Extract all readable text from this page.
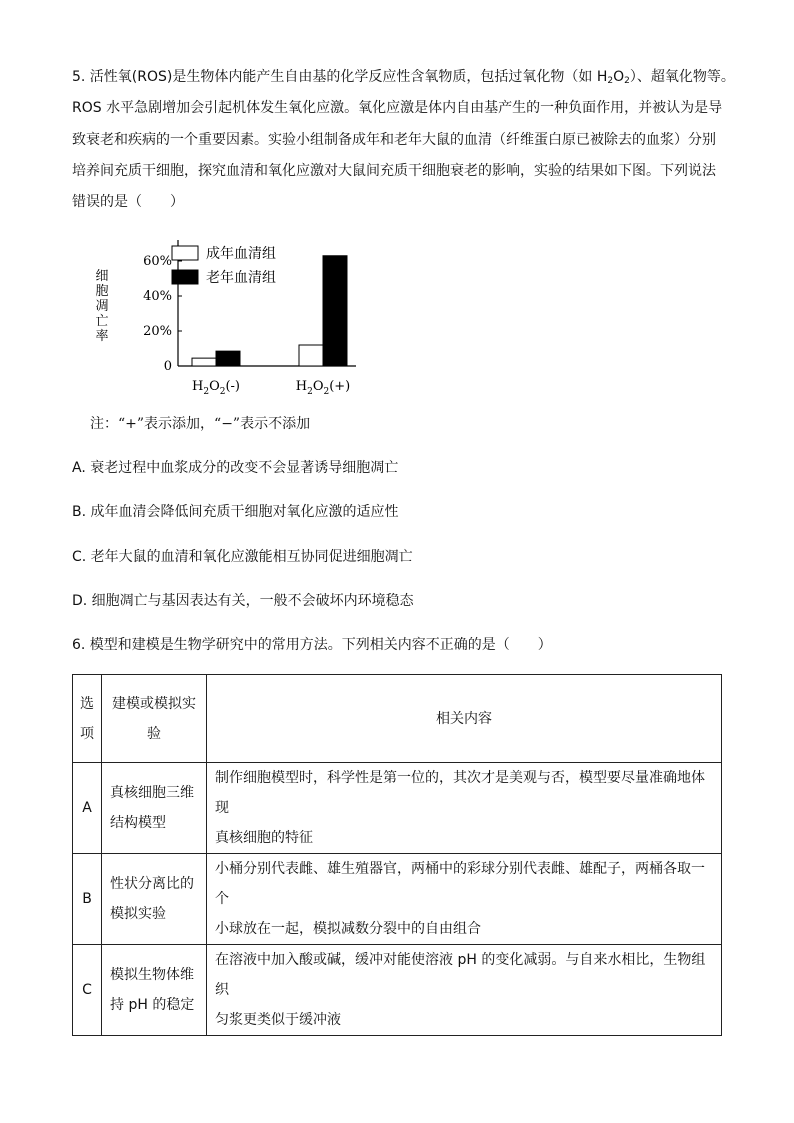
5. 活性氧(ROS)是生物体内能产生自由基的化学反应性含氧物质，包括过氧化物（如 $H_2O_2$）、超氧化物等。
ROS 水平急剧增加会引起机体发生氧化应激。氧化应激是体内自由基产生的一种负面作用，并被认为是导
致衰老和疾病的一个重要因素。实验小组制备成年和老年大鼠的血清（纤维蛋白原已被除去的血浆）分别
培养间充质干细胞，探究血清和氧化应激对大鼠间充质干细胞衰老的影响，实验的结果如下图。下列说法
错误的是（　　）
60%
40%
20%
0
细
胞
凋
亡
率
$H_2O_2(-)$	$H_2O_2(+)$
成年血清组
老年血清组
注：“+”表示添加，“−”表示不添加
A. 衰老过程中血浆成分的改变不会显著诱导细胞凋亡
B. 成年血清会降低间充质干细胞对氧化应激的适应性
C. 老年大鼠的血清和氧化应激能相互协同促进细胞凋亡
D. 细胞凋亡与基因表达有关，一般不会破坏内环境稳态
6. 模型和建模是生物学研究中的常用方法。下列相关内容不正确的是（　　）
选
项	建模或模拟实
验	相关内容
A	真核细胞三维
结构模型	制作细胞模型时，科学性是第一位的，其次才是美观与否，模型要尽量准确地体现
真核细胞的特征
B	性状分离比的
模拟实验	小桶分别代表雌、雄生殖器官，两桶中的彩球分别代表雌、雄配子，两桶各取一个
小球放在一起，模拟减数分裂中的自由组合
C	模拟生物体维
持 pH 的稳定	在溶液中加入酸或碱，缓冲对能使溶液 pH 的变化减弱。与自来水相比，生物组织
匀浆更类似于缓冲液
